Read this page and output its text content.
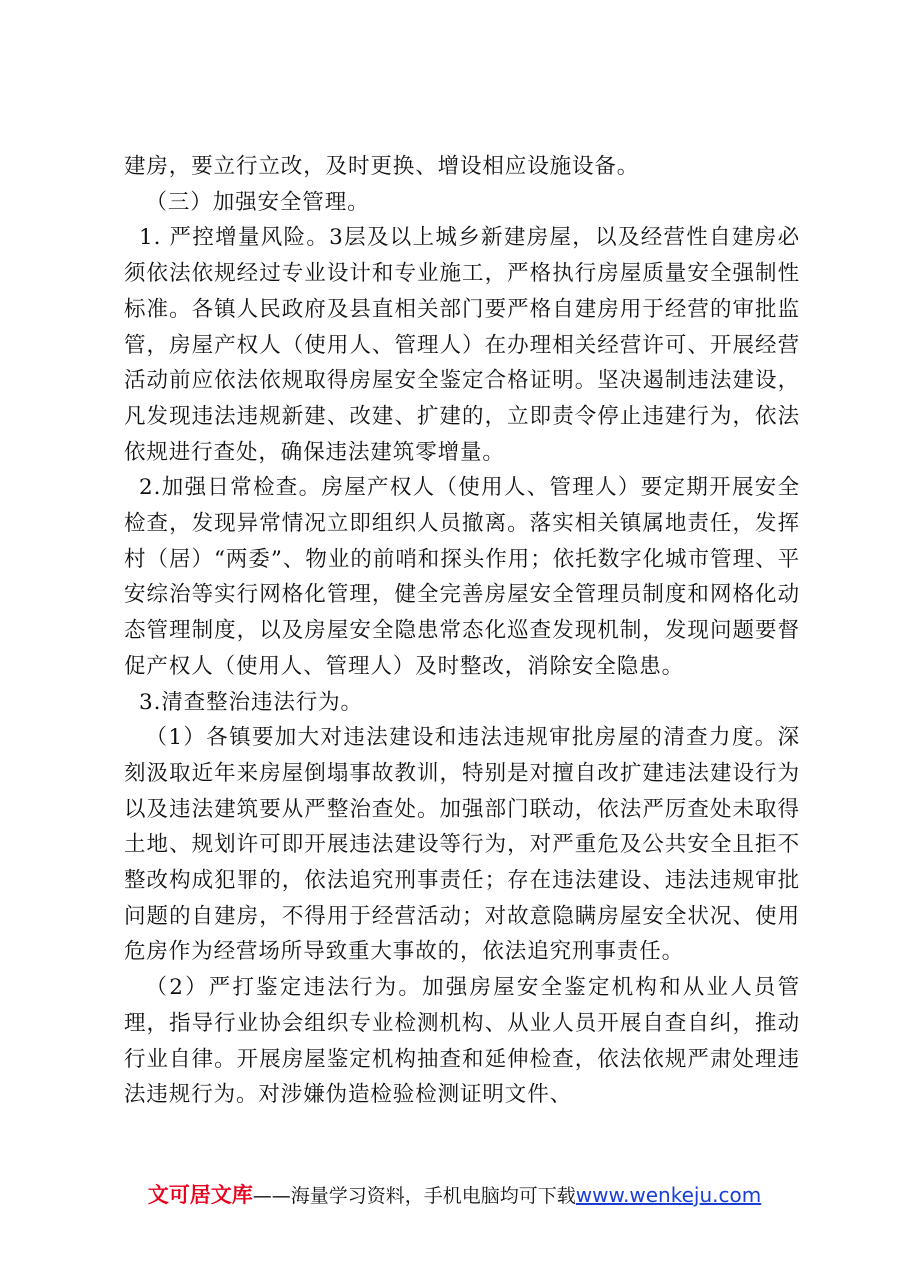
建房，要立行立改，及时更换、增设相应设施设备。

（三）加强安全管理。

1. 严控增量风险。3层及以上城乡新建房屋，以及经营性自建房必须依法依规经过专业设计和专业施工，严格执行房屋质量安全强制性标准。各镇人民政府及县直相关部门要严格自建房用于经营的审批监管，房屋产权人（使用人、管理人）在办理相关经营许可、开展经营活动前应依法依规取得房屋安全鉴定合格证明。坚决遏制违法建设，凡发现违法违规新建、改建、扩建的，立即责令停止违建行为，依法依规进行查处，确保违法建筑零增量。

2.加强日常检查。房屋产权人（使用人、管理人）要定期开展安全检查，发现异常情况立即组织人员撤离。落实相关镇属地责任，发挥村（居）“两委”、物业的前哨和探头作用；依托数字化城市管理、平安综治等实行网格化管理，健全完善房屋安全管理员制度和网格化动态管理制度，以及房屋安全隐患常态化巡查发现机制，发现问题要督促产权人（使用人、管理人）及时整改，消除安全隐患。

3.清查整治违法行为。

（1）各镇要加大对违法建设和违法违规审批房屋的清查力度。深刻汲取近年来房屋倒塌事故教训，特别是对擅自改扩建违法建设行为以及违法建筑要从严整治查处。加强部门联动，依法严厉查处未取得土地、规划许可即开展违法建设等行为，对严重危及公共安全且拒不整改构成犯罪的，依法追究刑事责任；存在违法建设、违法违规审批问题的自建房，不得用于经营活动；对故意隐瞒房屋安全状况、使用危房作为经营场所导致重大事故的，依法追究刑事责任。

（2）严打鉴定违法行为。加强房屋安全鉴定机构和从业人员管理，指导行业协会组织专业检测机构、从业人员开展自查自纠，推动行业自律。开展房屋鉴定机构抽查和延伸检查，依法依规严肃处理违法违规行为。对涉嫌伪造检验检测证明文件、

文可居文库——海量学习资料，手机电脑均可下载www.wenkeju.com
